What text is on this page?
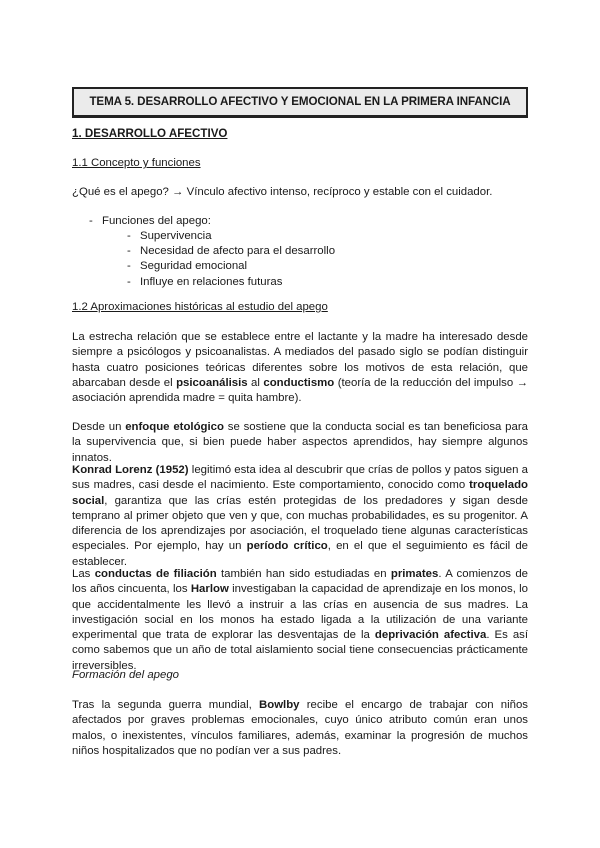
TEMA 5. DESARROLLO AFECTIVO Y EMOCIONAL EN LA PRIMERA INFANCIA
1. DESARROLLO AFECTIVO
1.1 Concepto y funciones
¿Qué es el apego? → Vínculo afectivo intenso, recíproco y estable con el cuidador.
- Funciones del apego:
- Supervivencia
- Necesidad de afecto para el desarrollo
- Seguridad emocional
- Influye en relaciones futuras
1.2 Aproximaciones históricas al estudio del apego

La estrecha relación que se establece entre el lactante y la madre ha interesado desde siempre a psicólogos y psicoanalistas. A mediados del pasado siglo se podían distinguir hasta cuatro posiciones teóricas diferentes sobre los motivos de esta relación, que abarcaban desde el psicoanálisis al conductismo (teoría de la reducción del impulso → asociación aprendida madre = quita hambre).

Desde un enfoque etológico se sostiene que la conducta social es tan beneficiosa para la supervivencia que, si bien puede haber aspectos aprendidos, hay siempre algunos innatos.

Konrad Lorenz (1952) legitimó esta idea al descubrir que crías de pollos y patos siguen a sus madres, casi desde el nacimiento. Este comportamiento, conocido como troquelado social, garantiza que las crías estén protegidas de los predadores y sigan desde temprano al primer objeto que ven y que, con muchas probabilidades, es su progenitor. A diferencia de los aprendizajes por asociación, el troquelado tiene algunas características especiales. Por ejemplo, hay un período crítico, en el que el seguimiento es fácil de establecer.

Las conductas de filiación también han sido estudiadas en primates. A comienzos de los años cincuenta, los Harlow investigaban la capacidad de aprendizaje en los monos, lo que accidentalmente les llevó a instruir a las crías en ausencia de sus madres. La investigación social en los monos ha estado ligada a la utilización de una variante experimental que trata de explorar las desventajas de la deprivación afectiva. Es así como sabemos que un año de total aislamiento social tiene consecuencias prácticamente irreversibles.

Formación del apego

Tras la segunda guerra mundial, Bowlby recibe el encargo de trabajar con niños afectados por graves problemas emocionales, cuyo único atributo común eran unos malos, o inexistentes, vínculos familiares, además, examinar la progresión de muchos niños hospitalizados que no podían ver a sus padres.
